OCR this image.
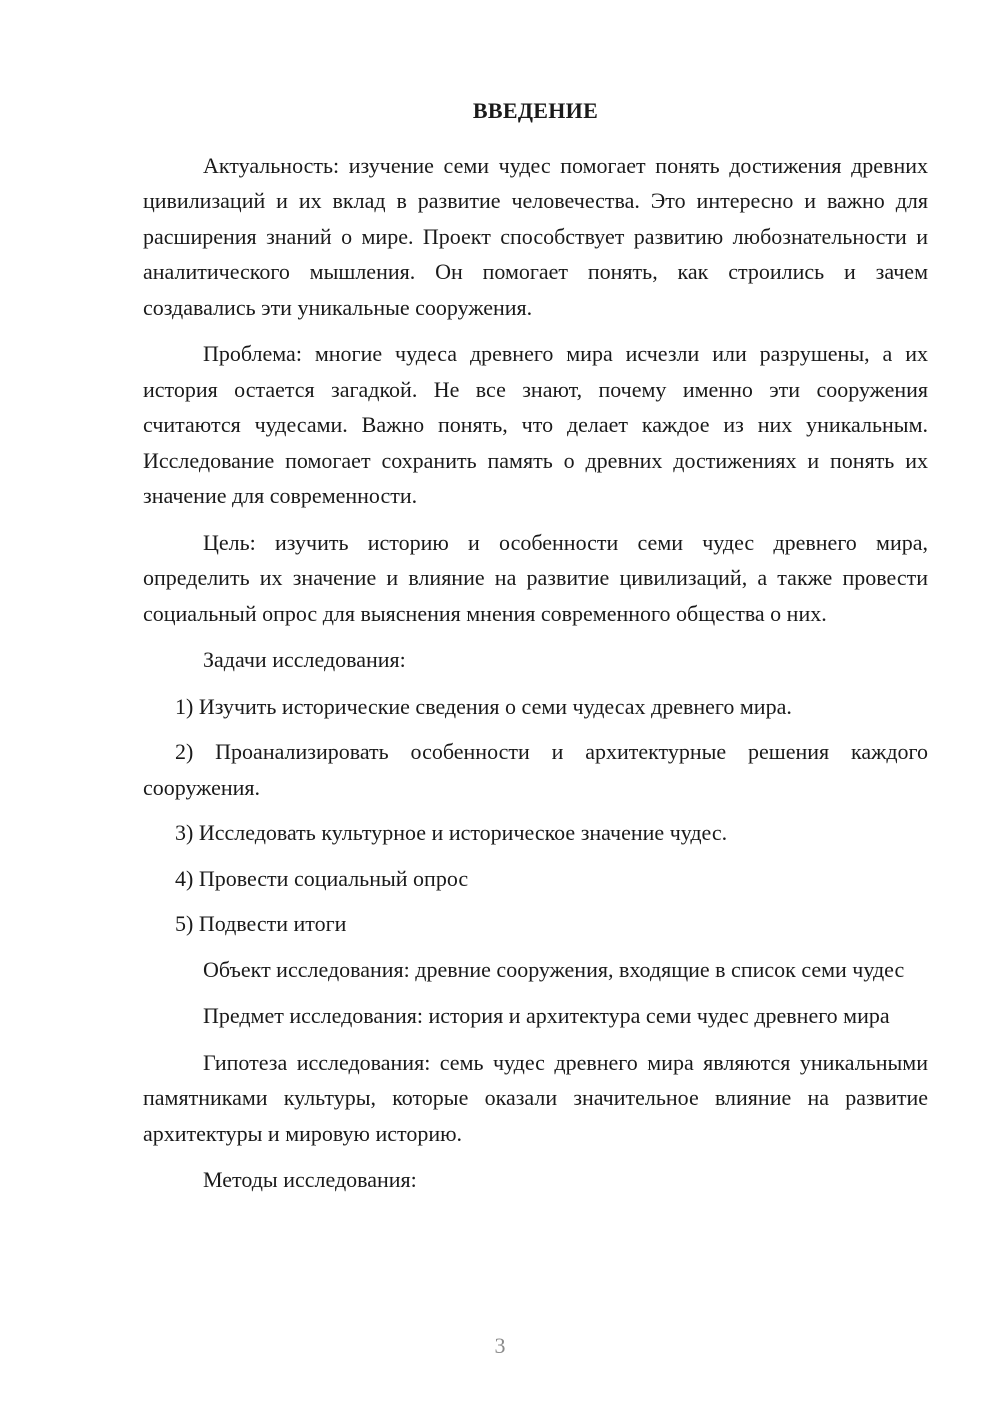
ВВЕДЕНИЕ

Актуальность: изучение семи чудес помогает понять достижения древних цивилизаций и их вклад в развитие человечества. Это интересно и важно для расширения знаний о мире. Проект способствует развитию любознательности и аналитического мышления. Он помогает понять, как строились и зачем создавались эти уникальные сооружения.

Проблема: многие чудеса древнего мира исчезли или разрушены, а их история остается загадкой. Не все знают, почему именно эти сооружения считаются чудесами. Важно понять, что делает каждое из них уникальным. Исследование помогает сохранить память о древних достижениях и понять их значение для современности.

Цель: изучить историю и особенности семи чудес древнего мира, определить их значение и влияние на развитие цивилизаций, а также провести социальный опрос для выяснения мнения современного общества о них.

Задачи исследования:

1) Изучить исторические сведения о семи чудесах древнего мира.

2) Проанализировать особенности и архитектурные решения каждого сооружения.

3) Исследовать культурное и историческое значение чудес.

4) Провести социальный опрос

5) Подвести итоги

Объект исследования: древние сооружения, входящие в список семи чудес

Предмет исследования: история и архитектура семи чудес древнего мира

Гипотеза исследования: семь чудес древнего мира являются уникальными памятниками культуры, которые оказали значительное влияние на развитие архитектуры и мировую историю.

Методы исследования:

3
